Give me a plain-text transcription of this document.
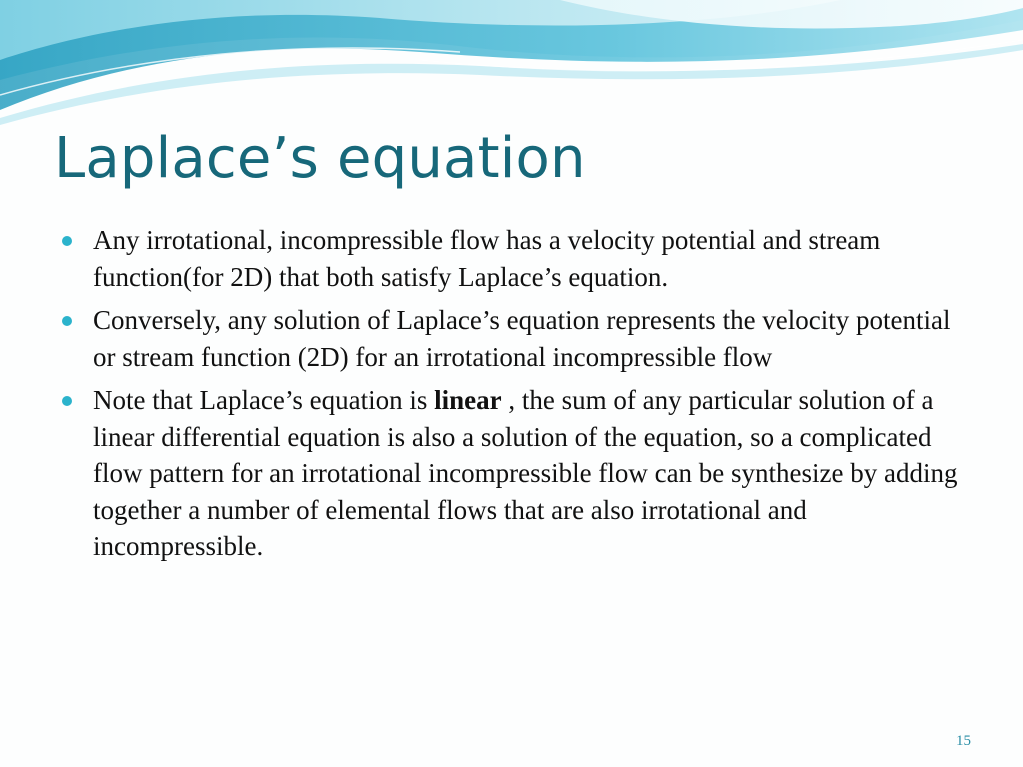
Laplace’s equation
Any irrotational, incompressible flow has a velocity potential and stream function(for 2D) that both satisfy Laplace’s equation.
Conversely, any solution of Laplace’s equation represents the velocity potential or stream function (2D) for an irrotational incompressible flow
Note that Laplace’s equation is linear , the sum of any particular solution of a linear differential equation is also a solution of the equation, so a complicated flow pattern for an irrotational incompressible flow can be synthesize by adding together a number of elemental flows that are also irrotational and incompressible.
15
